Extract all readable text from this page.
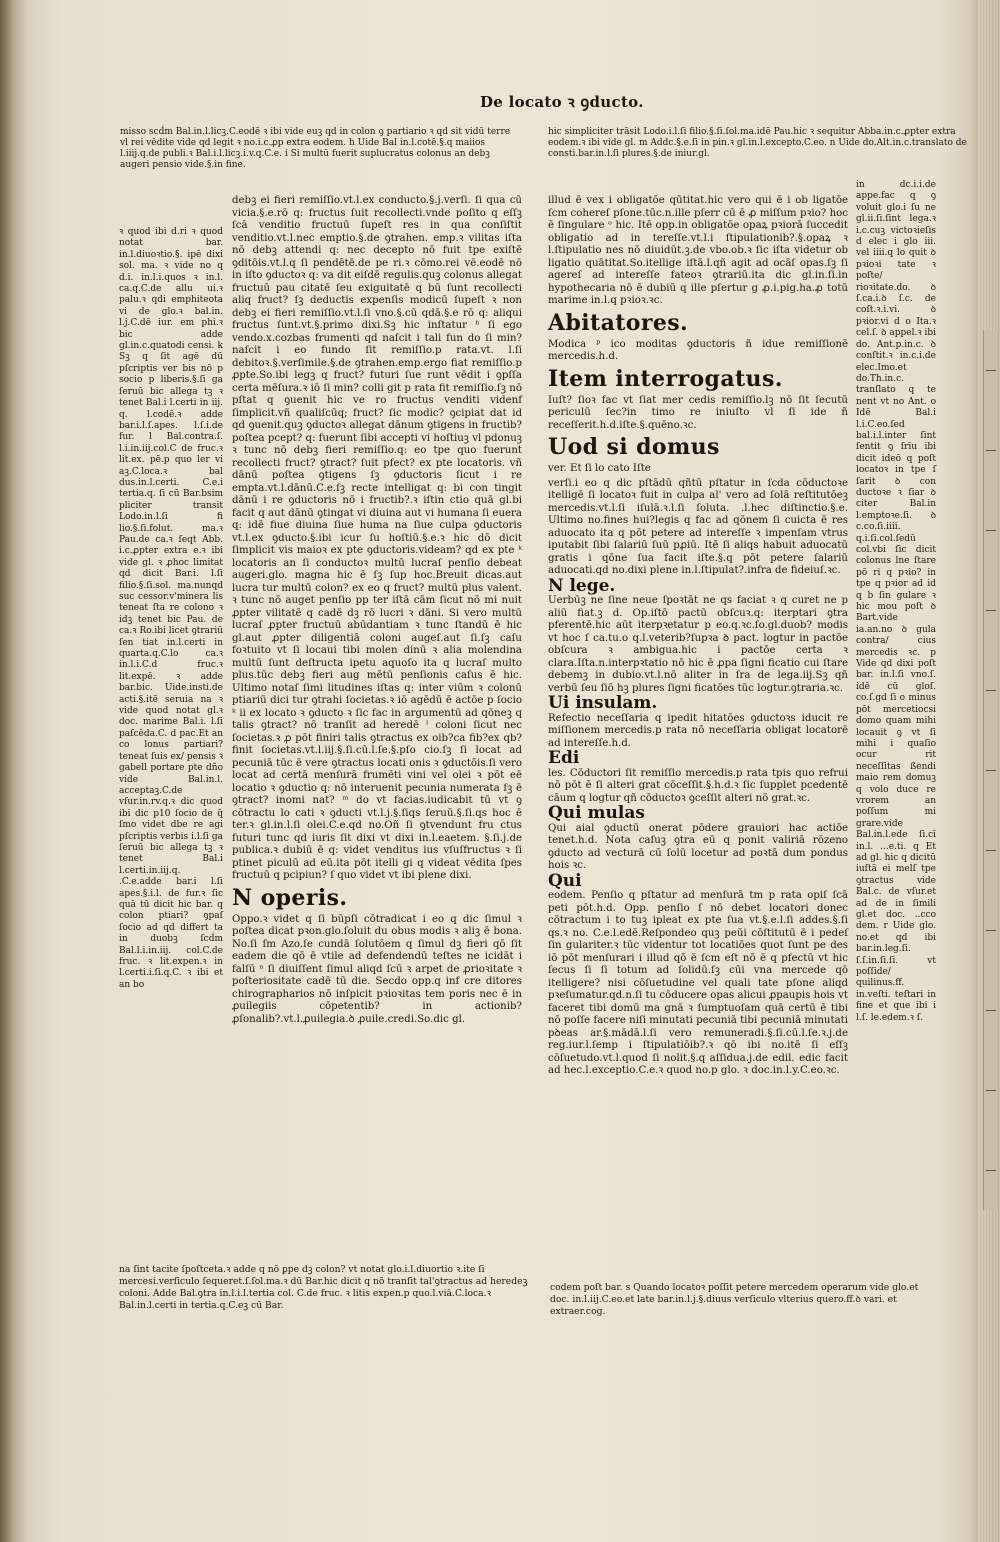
De locato ꝛ ꝯducto.
misso scḋm Bal.in.l.licꝫ.C.eodē ꝛ ibi vide euꝫ qd in colon ꝯ partiario ꝛ qd sit vidū terre vl rei vēdite vide qd legit ꝛ no.i.c.ꝓp extra eodem. h Uide Bal in.l.cotē.§.q maiios l.iiij.q.de publi.ꝛ Bal.i.l.licꝫ.i.v.q.C.e. i Si multū fuerit suplucratus colonus an debꝫ augeri pensio vide.§.in fine.
hic simpliciter trāsit Lodo.i.l.ſi filio.§.ſi.ſol.ma.idē Pau.hic ꝛ sequitur Abba.in.c.ꝓpter extra eodem.ꝛ ibi vide gl. m Addc.§.e.ſi in pin.ꝛ gl.in.l.excepto.C.eo. n Uide do.Alt.in.c.translato de consti.bar.in.l.ſi plures.§.de iniur.gl.
ꝛ quod ibi d.ri ꝛ quod notat bar. in.l.diuoꝛtio.§. ipē dixi sol. ma. ꝛ vide no q d.i. in.l.i.quos ꝛ in.l. ca.q.C.de allu ui.ꝛ palu.ꝛ qdi emphiteota vi de glo.ꝛ bal.in. l.j.C.dē iur. em phi.ꝛ bic adde gl.in.c.quatodi censi. k Sꝫ q ſit agē dū pſcriptis ver bis nō p socio p liberis.§.ſi ga ſeruū bic allega tꝫ ꝛ tenet Bal.i l.certi in iij. q. l.codē.ꝛ adde bar.i.l.ſ.apes. l.ſ.i.de fur. l Bal.contra.ſ. l.i.in.iij.col.C de fruc.ꝛ lit.ex. pē.p quo ler vi aꝫ.C.loca.ꝛ bal dus.in.l.certi. C.e.i tertia.q. ſi cū Bar.bsim pliciter transit Lodo.in.l.ſi fi lio.§.ſi.folut. ma.ꝛ Pau.de ca.ꝛ ſeqt Abb. i.c.ꝓpter extra e.ꝛ ibi vide gl. ꝛ ꝓhoc limitat qd dicit Bar.i. l.ſi filio.§.ſi.sol. ma.nunqd suc cessor.v'minera lis teneat ſta re colono ꝛ idꝫ tenet bic Pau. de ca.ꝛ Ro.ibi licet ꝯtrariū ſen tiat in.l.certi in quarta.q.C.lo ca.ꝛ in.l.i.C.d fruc.ꝛ lit.expē. ꝛ adde bar.bic. Uide.insti.de acti.§.itē seruia na ꝛ vide quod notat gl.ꝛ doc. marime Bal.i. l.ſi paſcēda.C. d pac.Et an co lonus partiari? teneat ſuis ex/ pensis ꝛ gabell portare pte dño vide Bal.in.l. acceptaꝫ.C.de vſur.in.rv.q.ꝛ dic quod ibi dic p10 ſocio de q̄ ſmo videt dbe re agi pſcriptis verbis i.l.ſi ga ſeruū bic allega tꝫ ꝛ tenet Bal.i l.certi.in.iij.q. .C.e.adde bar.i l.ſi apes.§.i.l. de fur.ꝛ ſic quā tū dicit hic bar. q colon ptiari? ꝯpaſ ſocio ad qd differt ta in duobꝫ ſcḋm Bal.l.i.in.iij. col.C.de fruc. ꝛ lit.expen.ꝛ in l.certi.i.ſi.q.C. ꝛ ibi et an bo

debꝫ ei fieri remiſſio.vt.l.ex conducto.§.j.verſi. ſi qua cū vicia.§.e.rō q: fructus ſuit recollecti.vnde poſito q eſſꝫ ſcā venditio fructuū ſupeſt res in qua conſiſtit venditio.vt.l.nec emptio.§.de ꝯtrahen. emp.ꝛ vilitas iſta nō debꝫ attendi q: nec decepto nō fuit tpe exiſtē ꝯditōis.vt.l.q ſi pendētē.de pe ri.ꝛ cōmo.rei vē.eodē nō in iſto ꝯductoꝛ q: va dit eiſdē regulis.quꝫ colonus allegat fructuū pau citatē ſeu exiguitatē q bū ſunt recollecti aliq fruct? ſꝫ deductis expenſis modicū ſupeſt ꝛ non debꝫ ei fieri remiſſio.vt.l.ſi vno.§.cū qdā.§.e rō q: aliqui fructus ſunt.vt.§.primo dixi.Sꝫ hic inſtatur ʰ ſi ego vendo.x.cozbas frumenti qd naſcit i tali fun do ſi min? naſcit i eo fundo ſit remiſſio.p rata.vt. l.ſi debitoꝛ.§.verſimile.§.de ꝯtrahen.emp.ergo fiat remiſſio.p ꝓpte.So.ibi legꝫ q fruct? futuri ſue runt vēdit i ꝯpſſa certa mēſura.ꝛ iō ſi min? colli git p rata fit remiſſio.ſꝫ nō pſtat q ꝯuenit hic ve ro fructus venditi videnf ſimplicit.vñ qualiſcūq; fruct? ſic modic? ꝯcipiat dat id qd ꝯuenit.quꝫ ꝯductoꝛ allegat dānum ꝯtigens in fructib? poſtea pcept? q: fuerunt ſibi accepti vi hoſtiuꝫ vl pdonuꝫ ꝛ tunc nō debꝫ fieri remiſſio.q: eo tpe quo fuerunt recollecti fruct? ꝯtract? ſuit pfect? ex pte locatoris. vñ dānū poſtea ꝯtigens ſꝫ ꝯductoris ſicut i re empta.vt.l.dānū.C.e.ſꝫ recte intelligat q: bi con tingit dānū i re ꝯductoris nō i fructib?.ꝛ iſtin ctio quā gl.bi facit q aut dānū ꝯtingat vi diuina aut vi humana ſi euera q: idē fiue diuina ſiue huma na ſiue culpa ꝯductoris vt.l.ex ꝯducto.§.ibi icur ſu hoſtiū.§.e.ꝛ hic dō dicit ſimplicit vis maioꝛ ex pte ꝯductoris.videam? qd ex pte ᵏ locatoris an ſi conductoꝛ multū lucraſ penſio debeat augeri.glo. magna hic ē ſꝫ ſup hoc.Breuit dicas.aut lucra tur multū colon? ex eo q fruct? multū plus valent. ꝛ tunc nō auget penſio pp ter iſtā cām ſicut nō mi nuit ꝓpter vilitatē q cadē dꝫ rō lucri ꝛ dāni. Si vero multū lucraſ ꝓpter fructuū abūdantiam ꝛ tunc ſtandū ē hic gl.aut ꝓpter diligentiā coloni augeſ.aut ſi.ſꝫ caſu foꝛtuito vt ſi locaui tibi molen dinū ꝛ alia molendina multū ſunt deſtructa ipetu aquoſo ita q lucraſ multo plus.tūc debꝫ fieri aug mētū penſionis caſus ē hic. Ultimo notaſ ſimi litudines iſtas q: inter viūm ꝛ colonū ptiariū dici tur ꝯtrahi ſocietas.ꝛ iō agēdū ē actōe p ſocio ᵏ ii ex locato ꝛ ꝯducto ꝛ ſic fac in argumentū ad qōneꝫ q talis ꝯtract? nō tranſit ad heredē ˡ coloni ſicut nec ſocietas.ꝛ ꝓ pōt finiri talis ꝯtractus ex oib?ca fib?ex qb? finit ſocietas.vt.l.iij.§.ſi.cū.l.ſe.§.pſo cio.ſꝫ ſi locat ad pecuniā tūc ē vere ꝯtractus locati onis ꝛ ꝯductōis.ſi vero locat ad certā menſurā frumēti vini vel olei ꝛ pōt eē locatio ꝛ ꝯductio q: nō interuenit pecunia numerata ſꝫ ē ꝯtract? inomi nat? ᵐ do vt facias.iudicabit tū vt ꝯ cōtractu lo cati ꝛ ꝯducti vt.l.j.§.ſiqs ſeruū.§.ſi.qs hoc ē ter.ꝛ gl.in.l.ſi olei.C.e.qd no.Oñ ſi ꝯtvendunt fru ctus futuri tunc qd iuris ſit dixi vt dixi in.l.eaetem. §.ſi.j.de publica.ꝛ dubiū ē q: videt venditus ius vſuſfructus ꝛ ſi ptinet piculū ad eū.ita pōt itelli gi q videat vēdita ſpes fructuū q pcipiun? ſ quo videt vt ibi plene dixi.

N operis.

Oppo.ꝛ videt q ſi būpſi cōtradicat i eo q dic ſimul ꝛ poſtea dicat pꝛon.glo.ſoluit du obus modis ꝛ aliꝫ ē bona. No.ſi ſm Azo.ſe cundā ſolutōem q ſimul dꝫ fieri qō ſit eadem die qō ē vtile ad defendendū teſtes ne icidāt i falſū ⁿ ſi diuiſſent ſimul aliqd ſcū ꝛ arpet de ꝓrioꝛitate ꝛ poſteriositate cadē tū die. Secdo opp.q inf cre ditores chirographarios nō inſpicit pꝛioꝛitas tem poris nec ē in ꝓuilegiis cōpetentib? in actionib? ꝓſonalib?.vt.l.ꝓuilegia.ꝺ ꝓuile.credi.So.dic gl.

illud ē vex i obligatōe qūtitat.hic vero qui ē i ob ligatōe ſcm cohereſ pſone.tūc.n.ille pſerr cū ē ꝓ miſſum pꝛio? hoc ē ſingulare ᵒ hic. Itē opp.in obligatōe opaꝝ pꝛiorā ſuccedit obligatio ad in tereſſe.vt.l.i ſtipulationib?.§.opaꝝ ꝛ l.ſtipulatio nes nō diuidūt.ꝫ.de vbo.ob.ꝛ ſic iſta videtur ob ligatio quātitat.So.itellige iſtā.l.qñ agit ad ocāſ opas.ſꝫ ſi agereſ ad intereſſe fateoꝛ ꝯtrariū.ita dic gl.in.ſi.in hypothecaria nō ē dubiū q ille pſertur g ꝓ.i.pig.ha.ꝓ totū marime in.l.q pꝛioꝛ.ꝛc.

Abitatores.

Modica ᵖ ico moditas ꝯductoris ñ idue remiſſionē mercedis.h.d.

Item interrogatus.

Iuſt? ſioꝛ fac vt ſiat mer cedis remiſſio.lꝫ nō ſit ſecutū periculū ſec?in timo re iniuſto vl ſi ide ñ receſſerit.h.d.iſte.§.quēno.ꝛc.

Uod si domus

ver. Et ſi lo cato Iſte

verſi.i eo q dic pſtādū qñtū pſtatur in ſcda cōductoꝛe itelligē ſi locatoꝛ fuit in culpa al' vero ad ſolā reſtitutōeꝫ mercedis.vt.l.ſi iſulā.ꝛ.l.ſi ſoluta. .l.hec diſtinctio.§.e. Ultimo no.fines hui?legis q fac ad qōnem ſi cuicta ē res aduocato ita q pōt petere ad intereſſe ꝛ impenſam vtrus iputabit ſibi ſalariū ſuū pꝓiū. Itē ſi aliqs habuit aduocatū gratis i qōne ſua facit iſte.§.q pōt petere ſalariū aduocati.qd no.dixi plene in.l.ſtipulat?.infra de fideiuſ.ꝛc.

N lege.

Uerbūꝫ ne ſine neue ſpoꝛtāt ne qs faciat ꝛ q curet ne p aliū fiat.ꝫ d. Op.iſtō pactū obſcuꝛ.q: iterptari ꝯtra pferentē.hic aūt iterpꝛetatur p eo.q.ꝛc.ſo.gl.duob? modis vt hoc ſ ca.tu.o q.l.veterib?ſupꝛa ꝺ pact. logtur in pactōe obſcura ꝛ ambigua.hic i pactōe certa ꝛ clara.Iſta.n.interpꝛtatio nō hic ē ꝓpa ſigni ficatio cui ſtare debemꝫ in dubio.vt.l.nō aliter in ſra de lega.iij.Sꝫ qñ verbū ſeu ſiō hꝫ plures ſigni ficatōes tūc logtur.ꝯtraria.ꝛc.

Ui insulam.

Refectio neceſſaria q ipedit hitatōes ꝯductoꝛs iducit re miſſionem mercedis.p rata nō neceſſaria obligat locatorē ad intereſſe.h.d.

Edi

les. Cōductori ſit remiſſio mercedis.p rata tpis quo refrui nō pōt ē ſi alteri grat cōceſſit.§.h.d.ꝛ ſic ſupplet pcedentē cāum q logtur qñ cōductoꝛ ꝯceſſit alteri nō grat.ꝛc.

Qui mulas

Qui aial ꝯductū onerat pōdere grauiori hac actiōe tenet.h.d. Nota caſuꝫ ꝯtra eū q ponit valiriā rōzeno ꝯducto ad vecturā cū ſolū locetur ad poꝛtā dum pondus hois ꝛc.

Qui

eodem. Penſio q pſtatur ad menſurā tm p rata opiſ ſcā peti pōt.h.d. Opp. penſio ſ nō debet locatori donec cōtractum i to tuꝫ ipleat ex pte ſua vt.§.e.l.ſi addes.§.ſi qs.ꝛ no. C.e.l.edē.Reſpondeo quꝫ peūi cōſtitutū ē i pedeſ ſin gulariter.ꝛ tūc videntur tot locatiōes quot ſunt pe des iō pōt menſurari i illud qō ē ſcm eſt nō ē q pfectū vt hic ſecus ſi ſi totum ad ſolidū.ſꝫ cūi vna mercede qō itelligere? nisi cōſuetudine vel quali tate pſone aliqd pꝛeſumatur.qd.n.ſi tu cōducere opas alicui ꝓpaupis hois vt faceret tibi domū ma gnā ꝛ ſumptuoſam quā certū ē tibi nō poſſe facere niſi minutati pecuniā tibi pecuniā minutati pꝺeas ar.§.mādā.l.ſi vero remuneradi.§.ſi.cū.l.ſe.ꝛ.j.de reg.iur.l.ſemp i ſtipulatiōib?.ꝛ qō ibi no.itē ſi eſſꝫ cōſuetudo.vt.l.quod ſi nolit.§.q aſſidua.j.de edil. edic facit ad hec.l.exceptio.C.e.ꝛ quod no.p glo. ꝛ doc.in.l.y.C.eo.ꝛc.

in dc.i.i.de appe.fac q ꝯ voluit glo.i ſu ne gl.ii.ſi.ſint lega.ꝛ i.c.cuꝫ victoꝛieſis d elec i glo iii. vel iiii.q lo quit ꝺ pꝛioꝛi tate ꝛ poſte/ rioꝛitate.do. ꝺ ſ.ca.i.ꝺ ſ.c. de coſt.ꝛ.i.vi. ꝺ pꝛior.vi d o Ita.ꝛ cel.ſ. ꝺ appel.ꝛ ibi do. Ant.p.in.c. ꝺ conſtit.ꝛ in.c.i.de elec.Imo.et do.Th.in.c. tranſlato q te nent vt no Ant. o Idē Bal.i l.i.C.eo.ſed bal.i.l.inter ſint ſentit ꝯ ſrīu ibi dicit ideō q poſt locatoꝛ in tpe ſ ſarit ꝺ con ductoꝛe ꝛ ſiar ꝺ citer Bal.in l.emptoꝛe.ſi. ꝺ c.co.ſi.iiii. q.i.ſi.col.ſedū col.vbi ſic dicit colonus lne ſtare pō ri q pꝛio? in tpe q pꝛior ad id q b ſin gulare ꝛ hic mou poſt ꝺ Bart.vide ia.an.no ꝺ gula contra/ cius mercedis ꝛc. p Vide qd dixi poſt bar. in.l.ſi vno.ſ. idē cū gloſ. co.ſ.gd ſi o minus pōt mercetiocsi domo quam mihi locauit ꝯ vt ſi mihi i quaſio ocur rit neceſſitas ßendi maio rem domuꝫ q volo duce re vrorem an poſſum mi grare.vide Bal.in.l.ede ſi.cī in.l. ...e.ti. q Et ad gl. hic q dicitū iuſtā ei melſ tpe ꝯtractus vide Bal.c. de vſur.et ad de in ſimili gl.et doc. ..cco dem. r Uide glo. no.et qd ibi bar.in.leg.ſi. ſ.ſ.in.ſi.ſi. vt poſſide/ quilinus.ff. in.veſti. teſtari in fine et que ibi i l.ſ. le.edem.ꝛ ſ.
na ſint tacite ſpoſtceta.ꝛ adde q nō ꝑpe dꝫ colon? vt notat glo.i.l.diuortio ꝛ.ite ſi mercesi.verſiculo ſequeret.ſ.ſol.ma.ꝛ dū Bar.hic dicit q nō tranſit tal'ꝯtractus ad heredeꝫ coloni. Adde Bal.ꝯtra in.l.i.l.tertia col. C.de fruc. ꝛ litis expen.p quo.l.viā.C.loca.ꝛ Bal.in.l.certi in tertia.q.C.eꝫ cū Bar.
codem poſt bar. s Quando locatoꝛ poſſit petere mercedem operarum vide glo.et doc. in.l.iij.C.eo.et late bar.in.l.j.§.diuus verſiculo vlterius quero.ff.ꝺ vari. et extraer.cog.
